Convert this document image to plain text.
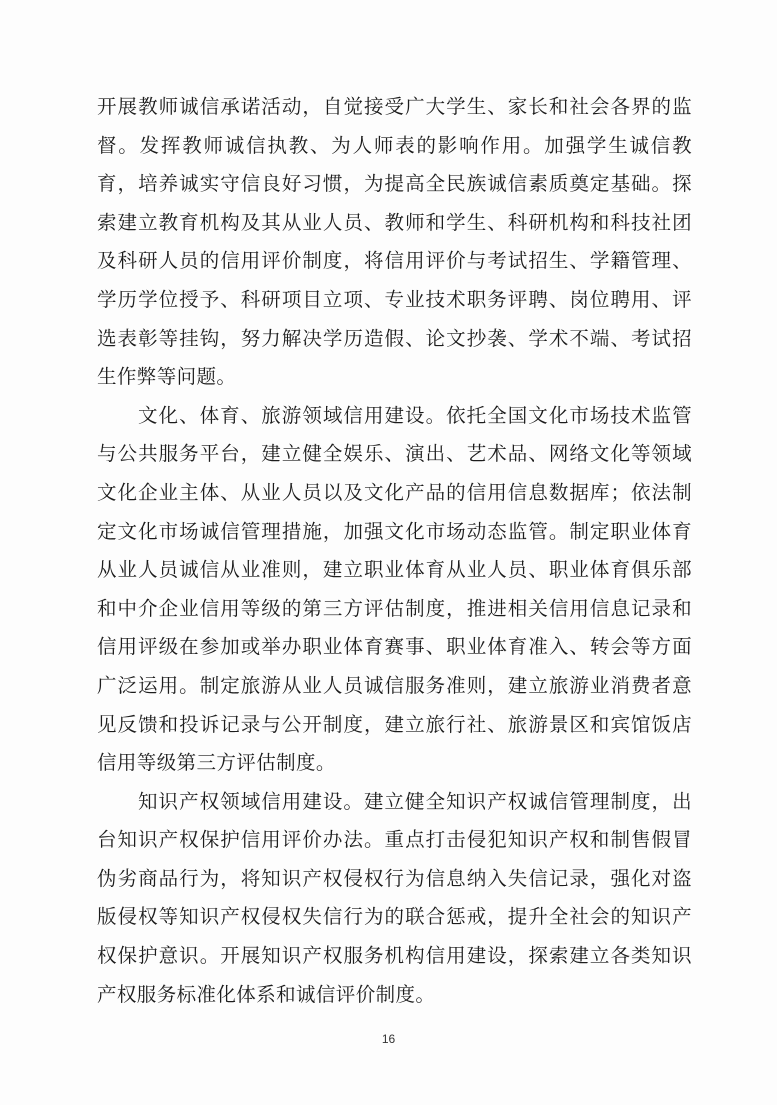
开展教师诚信承诺活动，自觉接受广大学生、家长和社会各界的监督。发挥教师诚信执教、为人师表的影响作用。加强学生诚信教育，培养诚实守信良好习惯，为提高全民族诚信素质奠定基础。探索建立教育机构及其从业人员、教师和学生、科研机构和科技社团及科研人员的信用评价制度，将信用评价与考试招生、学籍管理、学历学位授予、科研项目立项、专业技术职务评聘、岗位聘用、评选表彰等挂钩，努力解决学历造假、论文抄袭、学术不端、考试招生作弊等问题。

文化、体育、旅游领域信用建设。依托全国文化市场技术监管与公共服务平台，建立健全娱乐、演出、艺术品、网络文化等领域文化企业主体、从业人员以及文化产品的信用信息数据库；依法制定文化市场诚信管理措施，加强文化市场动态监管。制定职业体育从业人员诚信从业准则，建立职业体育从业人员、职业体育俱乐部和中介企业信用等级的第三方评估制度，推进相关信用信息记录和信用评级在参加或举办职业体育赛事、职业体育准入、转会等方面广泛运用。制定旅游从业人员诚信服务准则，建立旅游业消费者意见反馈和投诉记录与公开制度，建立旅行社、旅游景区和宾馆饭店信用等级第三方评估制度。

知识产权领域信用建设。建立健全知识产权诚信管理制度，出台知识产权保护信用评价办法。重点打击侵犯知识产权和制售假冒伪劣商品行为，将知识产权侵权行为信息纳入失信记录，强化对盗版侵权等知识产权侵权失信行为的联合惩戒，提升全社会的知识产权保护意识。开展知识产权服务机构信用建设，探索建立各类知识产权服务标准化体系和诚信评价制度。

16
